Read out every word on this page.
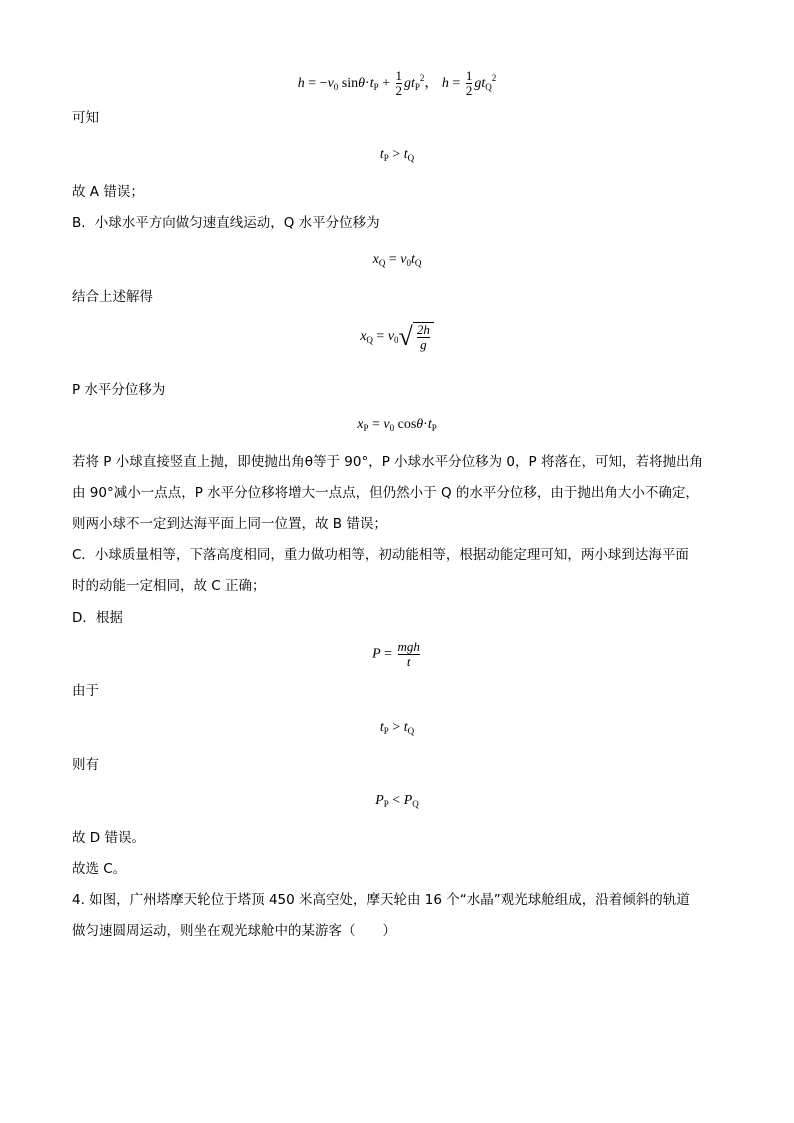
$h = -v_0$ $\sin\theta\cdot t_P + \frac{1}{2} gt_P^2$， $h = \frac{1}{2} gt_Q^2$
可知
$t_P > t_Q$
故 A 错误；
B．小球水平方向做匀速直线运动，Q 水平分位移为
$x_Q = v_0t_Q$
结合上述解得
$x_Q = v_0√ \frac{2h}{g}$
P 水平分位移为
$x_P = v_0$ $\cos\theta\cdot t_P$
若将 P 小球直接竖直上抛，即使抛出角θ等于 90°，P 小球水平分位移为 0，P 将落在，可知，若将抛出角
由 90°减小一点点，P 水平分位移将增大一点点，但仍然小于 Q 的水平分位移，由于抛出角大小不确定，
则两小球不一定到达海平面上同一位置，故 B 错误；
C．小球质量相等，下落高度相同，重力做功相等，初动能相等，根据动能定理可知，两小球到达海平面
时的动能一定相同，故 C 正确；
D．根据
$P = \frac{\text{mgh}}{t}$
由于
$t_P > t_Q$
则有
$P_P < P_Q$
故 D 错误。
故选 C。
4. 如图，广州塔摩天轮位于塔顶 450 米高空处，摩天轮由 16 个“水晶”观光球舱组成，沿着倾斜的轨道
做匀速圆周运动，则坐在观光球舱中的某游客（　　）
